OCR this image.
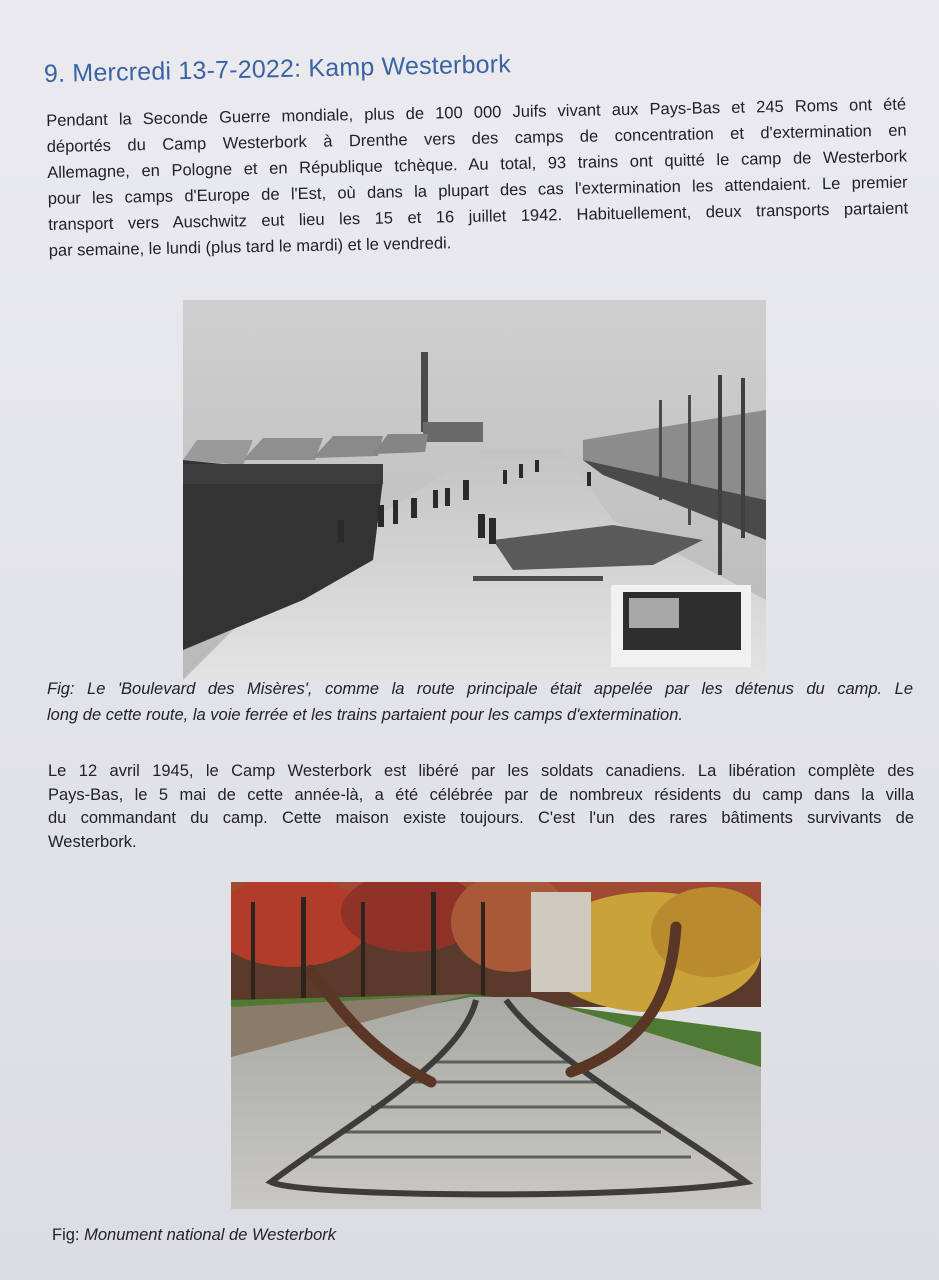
9. Mercredi 13-7-2022: Kamp Westerbork
Pendant la Seconde Guerre mondiale, plus de 100 000 Juifs vivant aux Pays-Bas et 245 Roms ont été
déportés du Camp Westerbork à Drenthe vers des camps de concentration et d'extermination en
Allemagne, en Pologne et en République tchèque. Au total, 93 trains ont quitté le camp de Westerbork
pour les camps d'Europe de l'Est, où dans la plupart des cas l'extermination les attendaient. Le premier
transport vers Auschwitz eut lieu les 15 et 16 juillet 1942. Habituellement, deux transports partaient
par semaine, le lundi (plus tard le mardi) et le vendredi.
Fig: Le 'Boulevard des Misères', comme la route principale était appelée par les détenus du camp. Le
long de cette route, la voie ferrée et les trains partaient pour les camps d'extermination.
Le 12 avril 1945, le Camp Westerbork est libéré par les soldats canadiens. La libération complète des
Pays-Bas, le 5 mai de cette année-là, a été célébrée par de nombreux résidents du camp dans la villa
du commandant du camp. Cette maison existe toujours. C'est l'un des rares bâtiments survivants de
Westerbork.
Fig: Monument national de Westerbork
